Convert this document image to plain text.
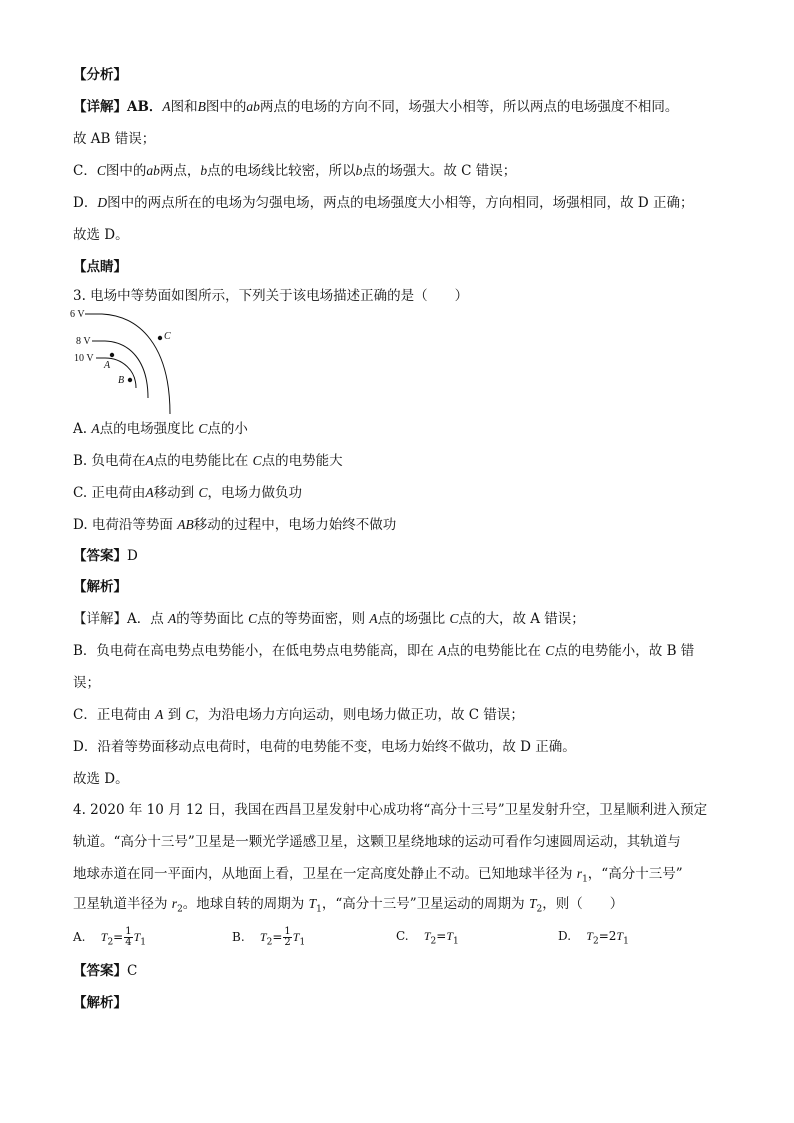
【分析】
【详解】AB．A图和B图中的ab两点的电场的方向不同，场强大小相等，所以两点的电场强度不相同。
故 AB 错误；
C．C图中的ab两点，b点的电场线比较密，所以b点的场强大。故 C 错误；
D．D图中的两点所在的电场为匀强电场，两点的电场强度大小相等，方向相同，场强相同，故 D 正确；
故选 D。
【点睛】
3. 电场中等势面如图所示，下列关于该电场描述正确的是（　　）
6 V
8 V
10 V
A
B
C
A. A点的电场强度比 C点的小
B. 负电荷在A点的电势能比在 C点的电势能大
C. 正电荷由A移动到 C，电场力做负功
D. 电荷沿等势面 AB移动的过程中，电场力始终不做功
【答案】D
【解析】
【详解】A．点 A的等势面比 C点的等势面密，则 A点的场强比 C点的大，故 A 错误；
B．负电荷在高电势点电势能小，在低电势点电势能高，即在 A点的电势能比在 C点的电势能小，故 B 错
误；
C．正电荷由 A 到 C，为沿电场力方向运动，则电场力做正功，故 C 错误；
D．沿着等势面移动点电荷时，电荷的电势能不变，电场力始终不做功，故 D 正确。
故选 D。
4. 2020 年 10 月 12 日，我国在西昌卫星发射中心成功将“高分十三号”卫星发射升空，卫星顺利进入预定
轨道。“高分十三号”卫星是一颗光学遥感卫星，这颗卫星绕地球的运动可看作匀速圆周运动，其轨道与
地球赤道在同一平面内，从地面上看，卫星在一定高度处静止不动。已知地球半径为 $r_1$，“高分十三号”
卫星轨道半径为 $r_2$。地球自转的周期为 $T_1$，“高分十三号”卫星运动的周期为 $T_2$，则（　　）
A. $T_2= \frac{1}{4} T_1$	B. $T_2= \frac{1}{2} T_1$	C. $T_2=T_1$	D. $T_2=2T_1$
【答案】C
【解析】
